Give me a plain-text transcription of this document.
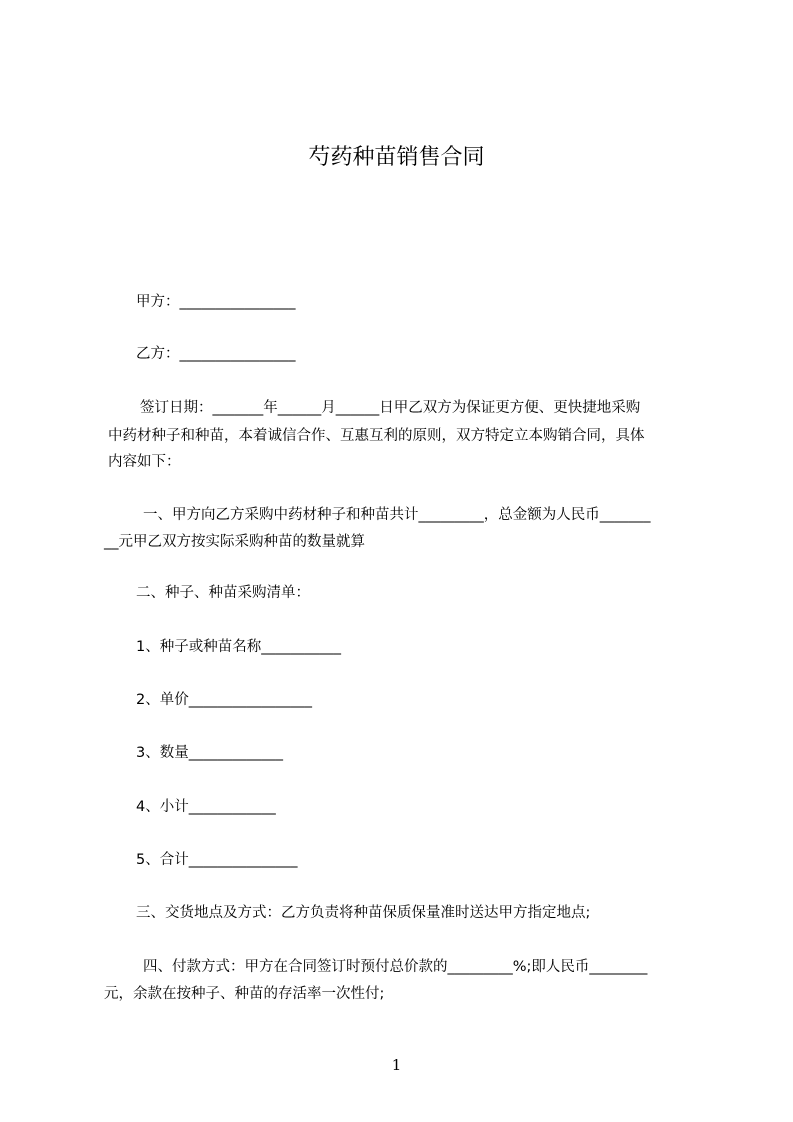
芍药种苗销售合同
甲方：________________
乙方：________________
签订日期：_______年______月______日甲乙双方为保证更方便、更快捷地采购
中药材种子和种苗，本着诚信合作、互惠互利的原则，双方特定立本购销合同，具体
内容如下：
一、甲方向乙方采购中药材种子和种苗共计_________，总金额为人民币_______
__元甲乙双方按实际采购种苗的数量就算
二、种子、种苗采购清单：
1、种子或种苗名称___________
2、单价_________________
3、数量_____________
4、小计____________
5、合计_______________
三、交货地点及方式：乙方负责将种苗保质保量准时送达甲方指定地点;
四、付款方式：甲方在合同签订时预付总价款的_________%;即人民币________
元，余款在按种子、种苗的存活率一次性付;
1
